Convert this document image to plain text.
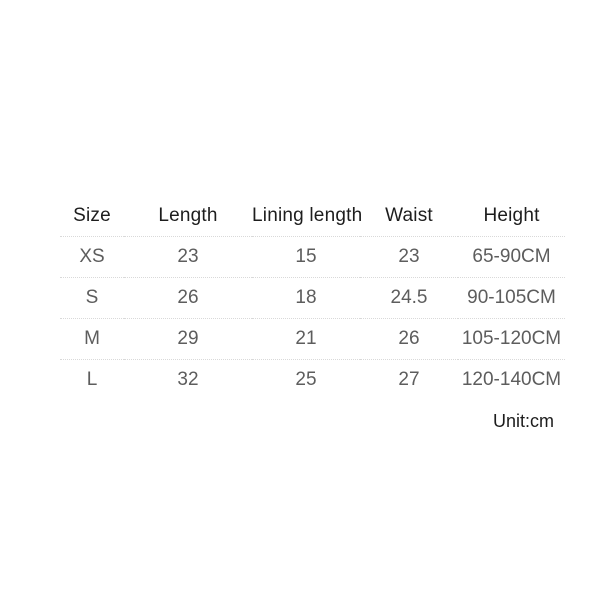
Size	Length	Lining length	Waist	Height
XS	23	15	23	65-90CM
S	26	18	24.5	90-105CM
M	29	21	26	105-120CM
L	32	25	27	120-140CM
Unit:cm
